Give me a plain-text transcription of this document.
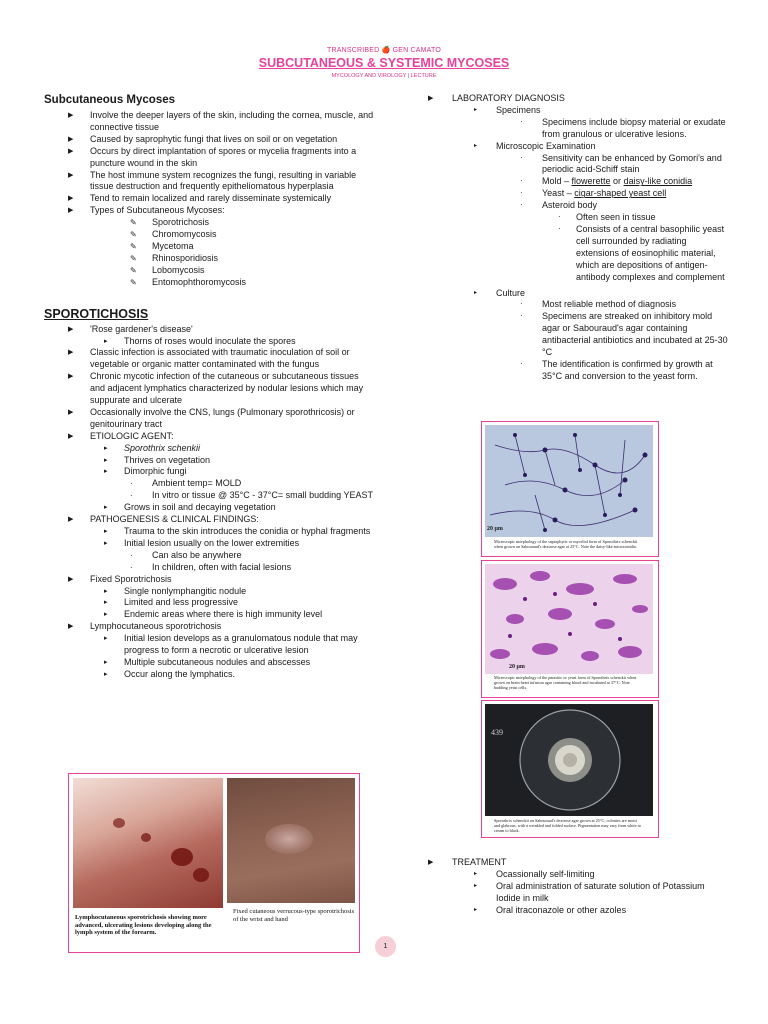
TRANSCRIBED 🍎 GEN CAMATO
SUBCUTANEOUS & SYSTEMIC MYCOSES
MYCOLOGY AND VIROLOGY | LECTURE
Subcutaneous Mycoses
▶ Involve the deeper layers of the skin, including the cornea, muscle, and connective tissue
▶ Caused by saprophytic fungi that lives on soil or on vegetation
▶ Occurs by direct implantation of spores or mycelia fragments into a puncture wound in the skin
▶ The host immune system recognizes the fungi, resulting in variable tissue destruction and frequently epitheliomatous hyperplasia
▶ Tend to remain localized and rarely disseminate systemically
▶ Types of Subcutaneous Mycoses:
✎ Sporotrichosis
✎ Chromomycosis
✎ Mycetoma
✎ Rhinosporidiosis
✎ Lobomycosis
✎ Entomophthoromycosis
SPOROTICHOSIS
▶ 'Rose gardener's disease'
▸ Thorns of roses would inoculate the spores
▶ Classic infection is associated with traumatic inoculation of soil or vegetable or organic matter contaminated with the fungus
▶ Chronic mycotic infection of the cutaneous or subcutaneous tissues and adjacent lymphatics characterized by nodular lesions which may suppurate and ulcerate
▶ Occasionally involve the CNS, lungs (Pulmonary sporothricosis) or genitourinary tract
▶ ETIOLOGIC AGENT:
▸ Sporothrix schenkii
▸ Thrives on vegetation
▸ Dimorphic fungi
· Ambient temp= MOLD
· In vitro or tissue @ 35°C - 37°C= small budding YEAST
▸ Grows in soil and decaying vegetation
▶ PATHOGENESIS & CLINICAL FINDINGS:
▸ Trauma to the skin introduces the conidia or hyphal fragments
▸ Initial lesion usually on the lower extremities
· Can also be anywhere
· In children, often with facial lesions
▶ Fixed Sporotrichosis
▸ Single nonlymphangitic nodule
▸ Limited and less progressive
▸ Endemic areas where there is high immunity level
▶ Lymphocutaneous sporotrichosis
▸ Initial lesion develops as a granulomatous nodule that may progress to form a necrotic or ulcerative lesion
▸ Multiple subcutaneous nodules and abscesses
▸ Occur along the lymphatics.
Lymphocutaneous sporotrichosis showing more advanced, ulcerating lesions developing along the lymph system of the forearm.
Fixed cutaneous verrucous-type sporotrichosis of the wrist and hand
▶ LABORATORY DIAGNOSIS
▸ Specimens
· Specimens include biopsy material or exudate from granulous or ulcerative lesions.
▸ Microscopic Examination
· Sensitivity can be enhanced by Gomori's and periodic acid-Schiff stain
· Mold – flowerette or daisy-like conidia
· Yeast – cigar-shaped yeast cell
· Asteroid body
· Often seen in tissue
· Consists of a central basophilic yeast cell surrounded by radiating extensions of eosinophilic material, which are depositions of antigen- antibody complexes and complement
▸ Culture
· Most reliable method of diagnosis
· Specimens are streaked on inhibitory mold agar or Sabouraud's agar containing antibacterial antibiotics and incubated at 25-30 °C
· The identification is confirmed by growth at 35°C and conversion to the yeast form.
20 μm
Microscopic morphology of the saprophytic or mycelial form of Sporothrix schenckii when grown on Sabouraud's dextrose agar at 25°C. Note the daisy-like microconidia.
20 μm
Microscopic morphology of the parasitic or yeast form of Sporothrix schenckii when grown on brain heart infusion agar containing blood and incubated at 37°C. Note budding yeast cells.
439
Sporothrix schenckii on Sabouraud's dextrose agar grown at 25°C; colonies are moist and glabrous, with a wrinkled and folded surface. Pigmentation may vary from white to cream to black.
▶ TREATMENT
▸ Ocassionally self-limiting
▸ Oral administration of saturate solution of Potassium Iodide in milk
▸ Oral itraconazole or other azoles
1
